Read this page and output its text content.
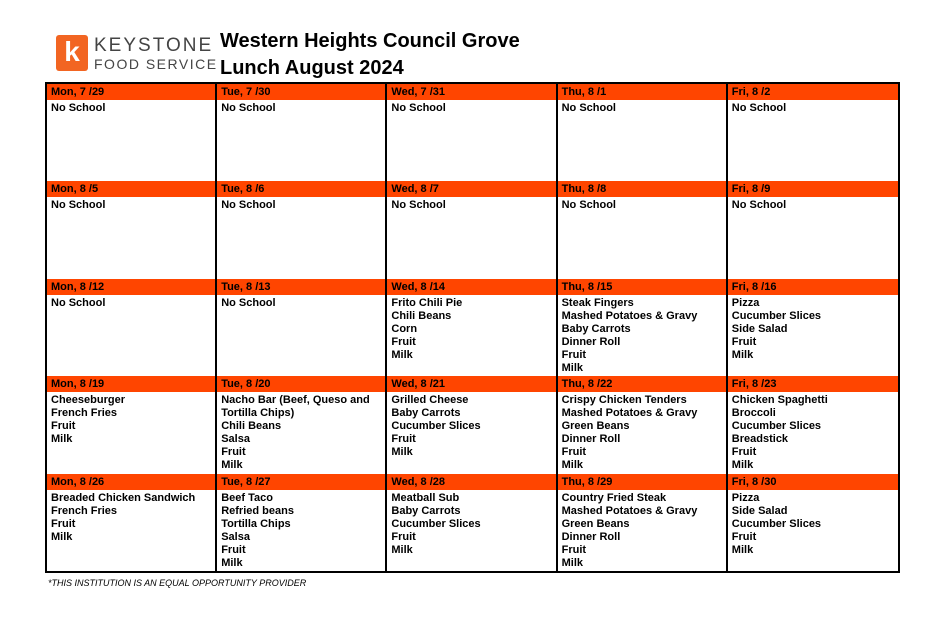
k KEYSTONE
FOOD SERVICE
Western Heights Council Grove
Lunch August 2024
Mon, 7 /29
No School
Tue, 7 /30
No School
Wed, 7 /31
No School
Thu, 8 /1
No School
Fri, 8 /2
No School
Mon, 8 /5
No School
Tue, 8 /6
No School
Wed, 8 /7
No School
Thu, 8 /8
No School
Fri, 8 /9
No School
Mon, 8 /12
No School
Tue, 8 /13
No School
Wed, 8 /14
Frito Chili Pie
Chili Beans
Corn
Fruit
Milk
Thu, 8 /15
Steak Fingers
Mashed Potatoes & Gravy
Baby Carrots
Dinner Roll
Fruit
Milk
Fri, 8 /16
Pizza
Cucumber Slices
Side Salad
Fruit
Milk
Mon, 8 /19
Cheeseburger
French Fries
Fruit
Milk
Tue, 8 /20
Nacho Bar (Beef, Queso and Tortilla Chips)
Chili Beans
Salsa
Fruit
Milk
Wed, 8 /21
Grilled Cheese
Baby Carrots
Cucumber Slices
Fruit
Milk
Thu, 8 /22
Crispy Chicken Tenders
Mashed Potatoes & Gravy
Green Beans
Dinner Roll
Fruit
Milk
Fri, 8 /23
Chicken Spaghetti
Broccoli
Cucumber Slices
Breadstick
Fruit
Milk
Mon, 8 /26
Breaded Chicken Sandwich
French Fries
Fruit
Milk
Tue, 8 /27
Beef Taco
Refried beans
Tortilla Chips
Salsa
Fruit
Milk
Wed, 8 /28
Meatball Sub
Baby Carrots
Cucumber Slices
Fruit
Milk
Thu, 8 /29
Country Fried Steak
Mashed Potatoes & Gravy
Green Beans
Dinner Roll
Fruit
Milk
Fri, 8 /30
Pizza
Side Salad
Cucumber Slices
Fruit
Milk
*THIS INSTITUTION IS AN EQUAL OPPORTUNITY PROVIDER
